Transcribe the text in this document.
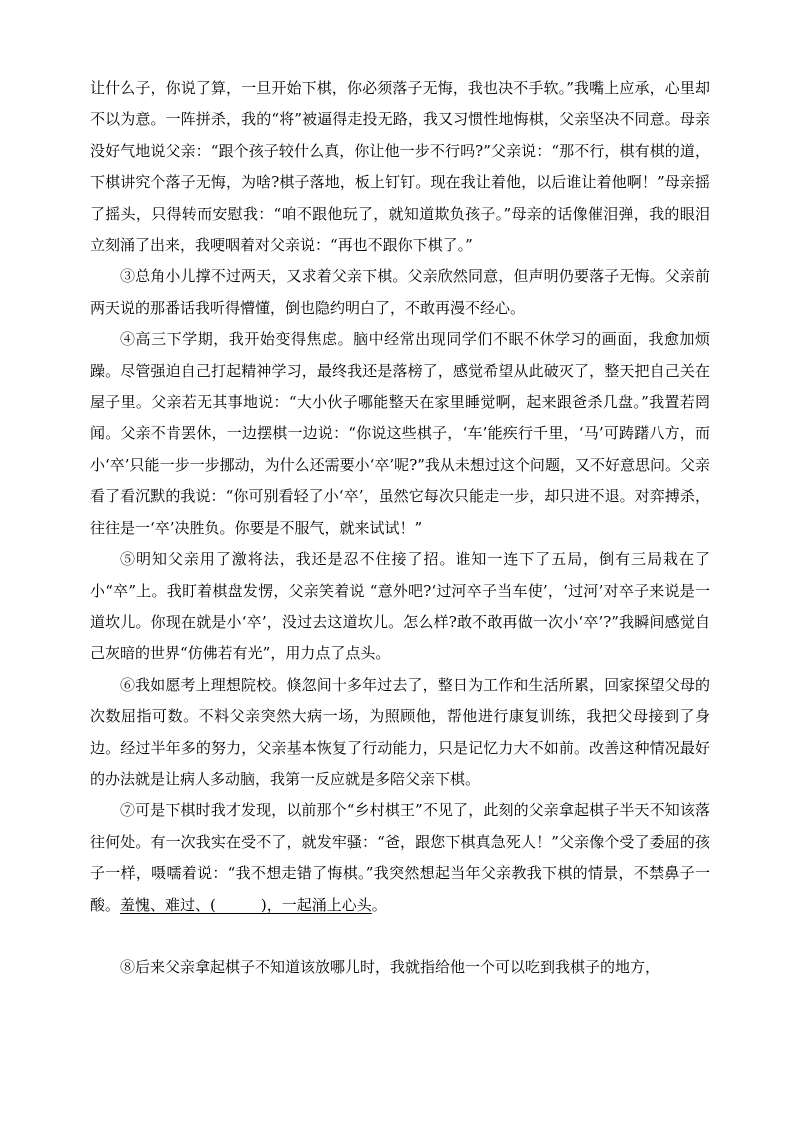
让什么子，你说了算，一旦开始下棋，你必须落子无悔，我也决不手软。”我嘴上应承，心里却不以为意。一阵拼杀，我的“将”被逼得走投无路，我又习惯性地悔棋，父亲坚决不同意。母亲没好气地说父亲：“跟个孩子较什么真，你让他一步不行吗?”父亲说：“那不行，棋有棋的道，下棋讲究个落子无悔，为啥?棋子落地，板上钉钉。现在我让着他，以后谁让着他啊！”母亲摇了摇头，只得转而安慰我：“咱不跟他玩了，就知道欺负孩子。”母亲的话像催泪弹，我的眼泪立刻涌了出来，我哽咽着对父亲说：“再也不跟你下棋了。”

③总角小儿撑不过两天，又求着父亲下棋。父亲欣然同意，但声明仍要落子无悔。父亲前两天说的那番话我听得懵懂，倒也隐约明白了，不敢再漫不经心。

④高三下学期，我开始变得焦虑。脑中经常出现同学们不眠不休学习的画面，我愈加烦躁。尽管强迫自己打起精神学习，最终我还是落榜了，感觉希望从此破灭了，整天把自己关在屋子里。父亲若无其事地说：“大小伙子哪能整天在家里睡觉啊，起来跟爸杀几盘。”我置若罔闻。父亲不肯罢休，一边摆棋一边说：“你说这些棋子，‘车’能疾行千里，‘马’可踌躇八方，而小‘卒’只能一步一步挪动，为什么还需要小‘卒’呢?”我从未想过这个问题，又不好意思问。父亲看了看沉默的我说：“你可别看轻了小‘卒’，虽然它每次只能走一步，却只进不退。对弈搏杀，往往是一‘卒’决胜负。你要是不服气，就来试试！”

⑤明知父亲用了激将法，我还是忍不住接了招。谁知一连下了五局，倒有三局栽在了小“卒”上。我盯着棋盘发愣，父亲笑着说 “意外吧?‘过河卒子当车使’，‘过河’对卒子来说是一道坎儿。你现在就是小‘卒’，没过去这道坎儿。怎么样?敢不敢再做一次小‘卒’?”我瞬间感觉自己灰暗的世界“仿佛若有光”，用力点了点头。

⑥我如愿考上理想院校。倏忽间十多年过去了，整日为工作和生活所累，回家探望父母的次数屈指可数。不料父亲突然大病一场，为照顾他，帮他进行康复训练，我把父母接到了身边。经过半年多的努力，父亲基本恢复了行动能力，只是记忆力大不如前。改善这种情况最好的办法就是让病人多动脑，我第一反应就是多陪父亲下棋。

⑦可是下棋时我才发现，以前那个“乡村棋王”不见了，此刻的父亲拿起棋子半天不知该落往何处。有一次我实在受不了，就发牢骚：“爸，跟您下棋真急死人！”父亲像个受了委屈的孩子一样，嗫嚅着说：“我不想走错了悔棋。”我突然想起当年父亲教我下棋的情景，不禁鼻子一酸。羞愧、难过、(　　　)，一起涌上心头。

⑧后来父亲拿起棋子不知道该放哪儿时，我就指给他一个可以吃到我棋子的地方，
